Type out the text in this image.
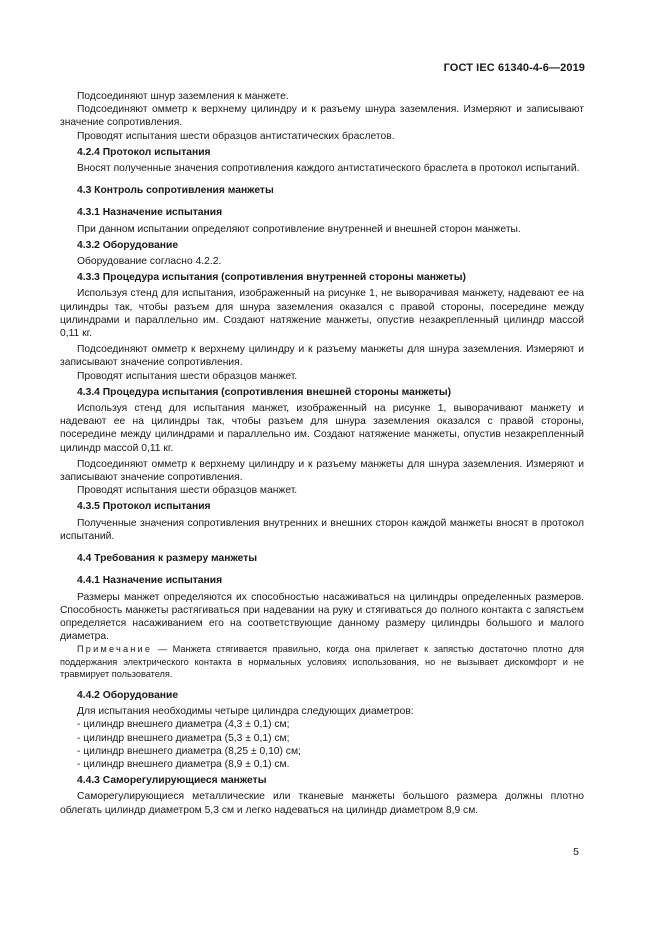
ГОСТ IEC 61340-4-6—2019

Подсоединяют шнур заземления к манжете.

Подсоединяют омметр к верхнему цилиндру и к разъему шнура заземления. Измеряют и записывают значение сопротивления.

Проводят испытания шести образцов антистатических браслетов.

4.2.4 Протокол испытания

Вносят полученные значения сопротивления каждого антистатического браслета в протокол испытаний.

4.3 Контроль сопротивления манжеты

4.3.1 Назначение испытания

При данном испытании определяют сопротивление внутренней и внешней сторон манжеты.

4.3.2 Оборудование

Оборудование согласно 4.2.2.

4.3.3 Процедура испытания (сопротивления внутренней стороны манжеты)

Используя стенд для испытания, изображенный на рисунке 1, не выворачивая манжету, надевают ее на цилиндры так, чтобы разъем для шнура заземления оказался с правой стороны, посередине между цилиндрами и параллельно им. Создают натяжение манжеты, опустив незакрепленный цилиндр массой 0,11 кг.

Подсоединяют омметр к верхнему цилиндру и к разъему манжеты для шнура заземления. Измеряют и записывают значение сопротивления.

Проводят испытания шести образцов манжет.

4.3.4 Процедура испытания (сопротивления внешней стороны манжеты)

Используя стенд для испытания манжет, изображенный на рисунке 1, выворачивают манжету и надевают ее на цилиндры так, чтобы разъем для шнура заземления оказался с правой стороны, посередине между цилиндрами и параллельно им. Создают натяжение манжеты, опустив незакрепленный цилиндр массой 0,11 кг.

Подсоединяют омметр к верхнему цилиндру и к разъему манжеты для шнура заземления. Измеряют и записывают значение сопротивления.

Проводят испытания шести образцов манжет.

4.3.5 Протокол испытания

Полученные значения сопротивления внутренних и внешних сторон каждой манжеты вносят в протокол испытаний.

4.4 Требования к размеру манжеты

4.4.1 Назначение испытания

Размеры манжет определяются их способностью насаживаться на цилиндры определенных размеров. Способность манжеты растягиваться при надевании на руку и стягиваться до полного контакта с запястьем определяется насаживанием его на соответствующие данному размеру цилиндры большого и малого диаметра.

Примечание — Манжета стягивается правильно, когда она прилегает к запястью достаточно плотно для поддержания электрического контакта в нормальных условиях использования, но не вызывает дискомфорт и не травмирует пользователя.

4.4.2 Оборудование

Для испытания необходимы четыре цилиндра следующих диаметров:

- цилиндр внешнего диаметра (4,3 ± 0,1) см;

- цилиндр внешнего диаметра (5,3 ± 0,1) см;

- цилиндр внешнего диаметра (8,25 ± 0,10) см;

- цилиндр внешнего диаметра (8,9 ± 0,1) см.

4.4.3 Саморегулирующиеся манжеты

Саморегулирующиеся металлические или тканевые манжеты большого размера должны плотно облегать цилиндр диаметром 5,3 см и легко надеваться на цилиндр диаметром 8,9 см.

5
